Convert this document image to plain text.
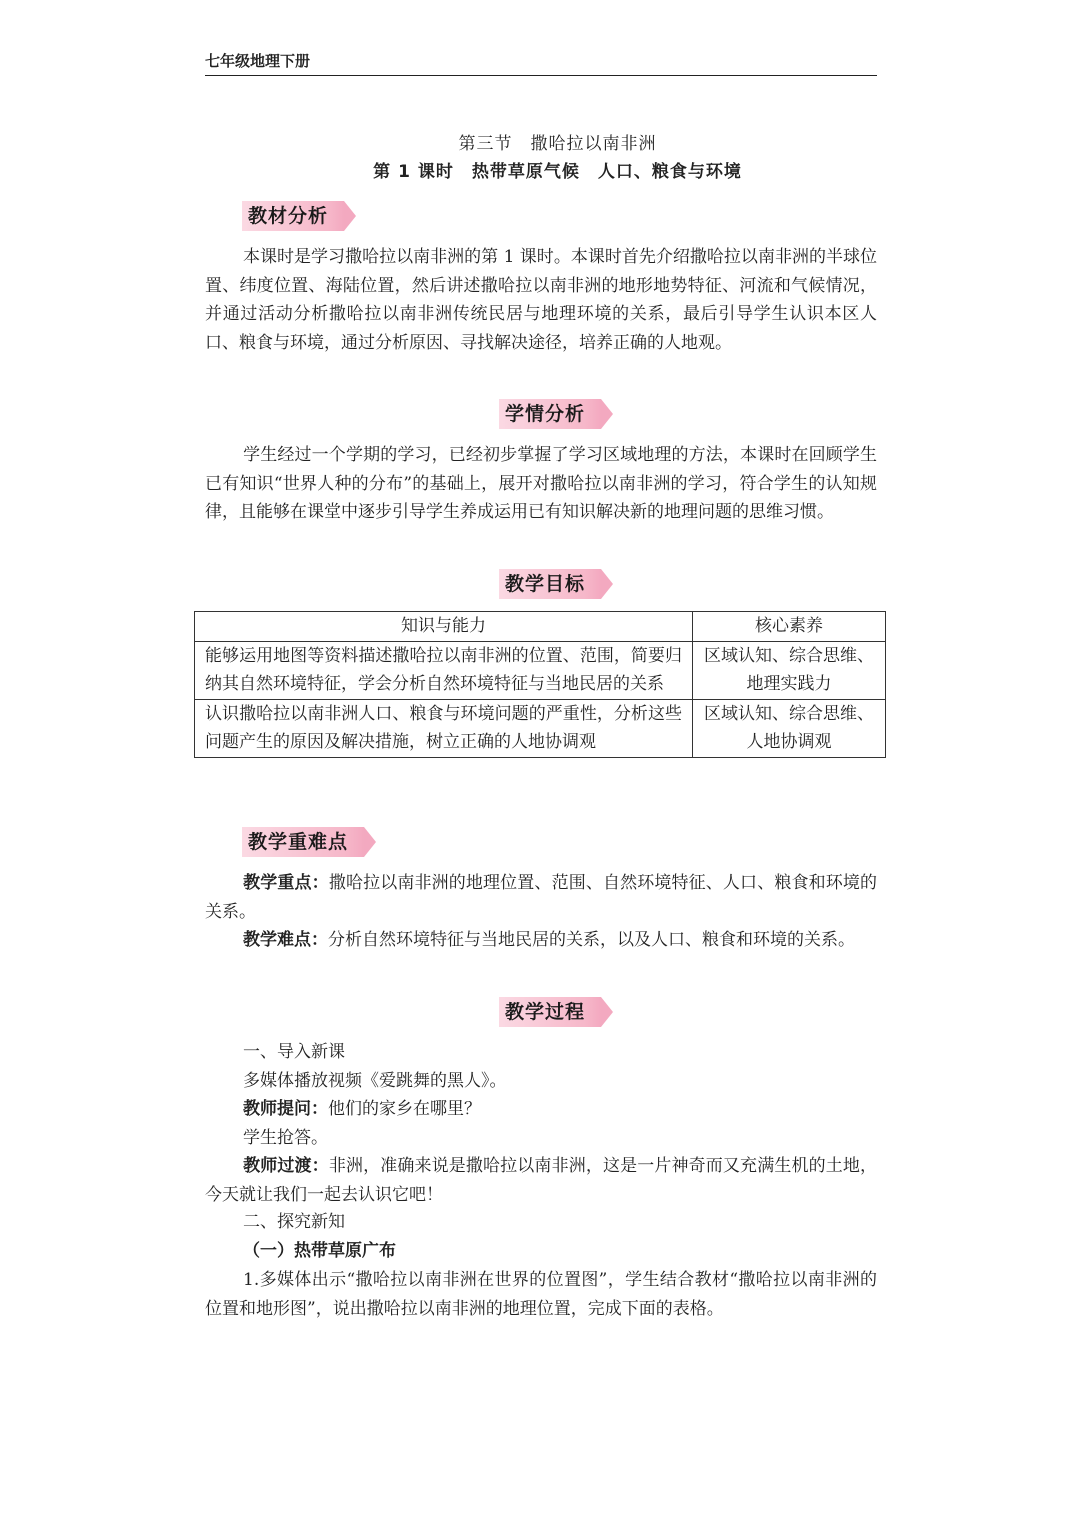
七年级地理下册
第三节　撒哈拉以南非洲
第 1 课时　热带草原气候　人口、粮食与环境
教材分析

本课时是学习撒哈拉以南非洲的第 1 课时。本课时首先介绍撒哈拉以南非洲的半球位置、纬度位置、海陆位置，然后讲述撒哈拉以南非洲的地形地势特征、河流和气候情况，并通过活动分析撒哈拉以南非洲传统民居与地理环境的关系，最后引导学生认识本区人口、粮食与环境，通过分析原因、寻找解决途径，培养正确的人地观。

学情分析

学生经过一个学期的学习，已经初步掌握了学习区域地理的方法，本课时在回顾学生已有知识“世界人种的分布”的基础上，展开对撒哈拉以南非洲的学习，符合学生的认知规律，且能够在课堂中逐步引导学生养成运用已有知识解决新的地理问题的思维习惯。

教学目标
知识与能力	核心素养
能够运用地图等资料描述撒哈拉以南非洲的位置、范围，简要归纳其自然环境特征，学会分析自然环境特征与当地民居的关系	区域认知、综合思维、
地理实践力

认识撒哈拉以南非洲人口、粮食与环境问题的严重性，分析这些问题产生的原因及解决措施，树立正确的人地协调观	区域认知、综合思维、
人地协调观
教学重难点

教学重点：撒哈拉以南非洲的地理位置、范围、自然环境特征、人口、粮食和环境的关系。

教学难点：分析自然环境特征与当地民居的关系，以及人口、粮食和环境的关系。

教学过程
一、导入新课
多媒体播放视频《爱跳舞的黑人》。
教师提问：他们的家乡在哪里？
学生抢答。

教师过渡：非洲，准确来说是撒哈拉以南非洲，这是一片神奇而又充满生机的土地，今天就让我们一起去认识它吧！

二、探究新知
（一）热带草原广布

1.多媒体出示“撒哈拉以南非洲在世界的位置图”，学生结合教材“撒哈拉以南非洲的位置和地形图”，说出撒哈拉以南非洲的地理位置，完成下面的表格。
